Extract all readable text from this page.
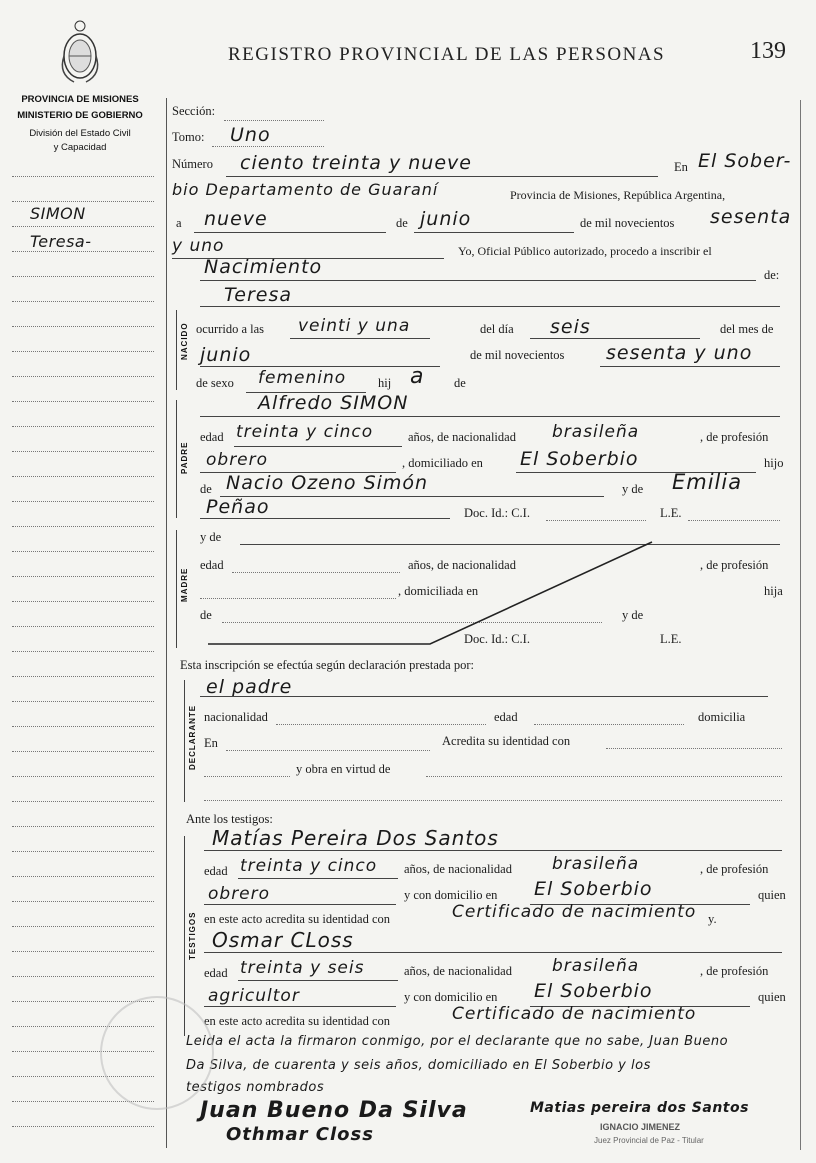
REGISTRO PROVINCIAL DE LAS PERSONAS	139
PROVINCIA DE MISIONES
MINISTERIO DE GOBIERNO
División del Estado Civil
y Capacidad
SIMON
Teresa-
Sección:
Tomo: Uno
Número ciento treinta y nueve	En El Sober-
bio Departamento de Guaraní	Provincia de Misiones, República Argentina,
a nueve	de junio	de mil novecientos sesenta
y uno	Yo, Oficial Público autorizado, procedo a inscribir el
Nacimiento	de:
NACIDO
Teresa
ocurrido a las veinti y una	del día seis	del mes de
junio	de mil novecientos sesenta y uno
de sexo femenino	hij a de
PADRE
Alfredo SIMON
edad treinta y cinco	años, de nacionalidad brasileña	, de profesión
obrero	, domiciliado en El Soberbio	hijo
de Nacio Ozeno Simón	y de Emilia
Peñao	Doc. Id.: C.I.	L.E.
MADRE
y de
edad	años, de nacionalidad	, de profesión
, domiciliada en	hija
de	y de
Doc. Id.: C.I.	L.E.
Esta inscripción se efectúa según declaración prestada por:
DECLARANTE
el padre
nacionalidad	edad	domicilia
En	Acredita su identidad con
y obra en virtud de
Ante los testigos:
TESTIGOS
Matías Pereira Dos Santos
edad treinta y cinco años, de nacionalidad brasileña	, de profesión
obrero	y con domicilio en El Soberbio	quien
en este acto acredita su identidad con	Certificado de nacimiento y.
Osmar CLoss
edad treinta y seis	años, de nacionalidad brasileña	, de profesión
agricultor	y con domicilio en El Soberbio	quien
en este acto acredita su identidad con	Certificado de nacimiento
Leida el acta la firmaron conmigo, por el declarante que no sabe, Juan Bueno
Da Silva, de cuarenta y seis años, domiciliado en El Soberbio y los
testigos nombrados
Juan Bueno Da Silva	Matias pereira dos Santos
Othmar Closs	IGNACIO JIMENEZ
Juez Provincial de Paz - Titular
